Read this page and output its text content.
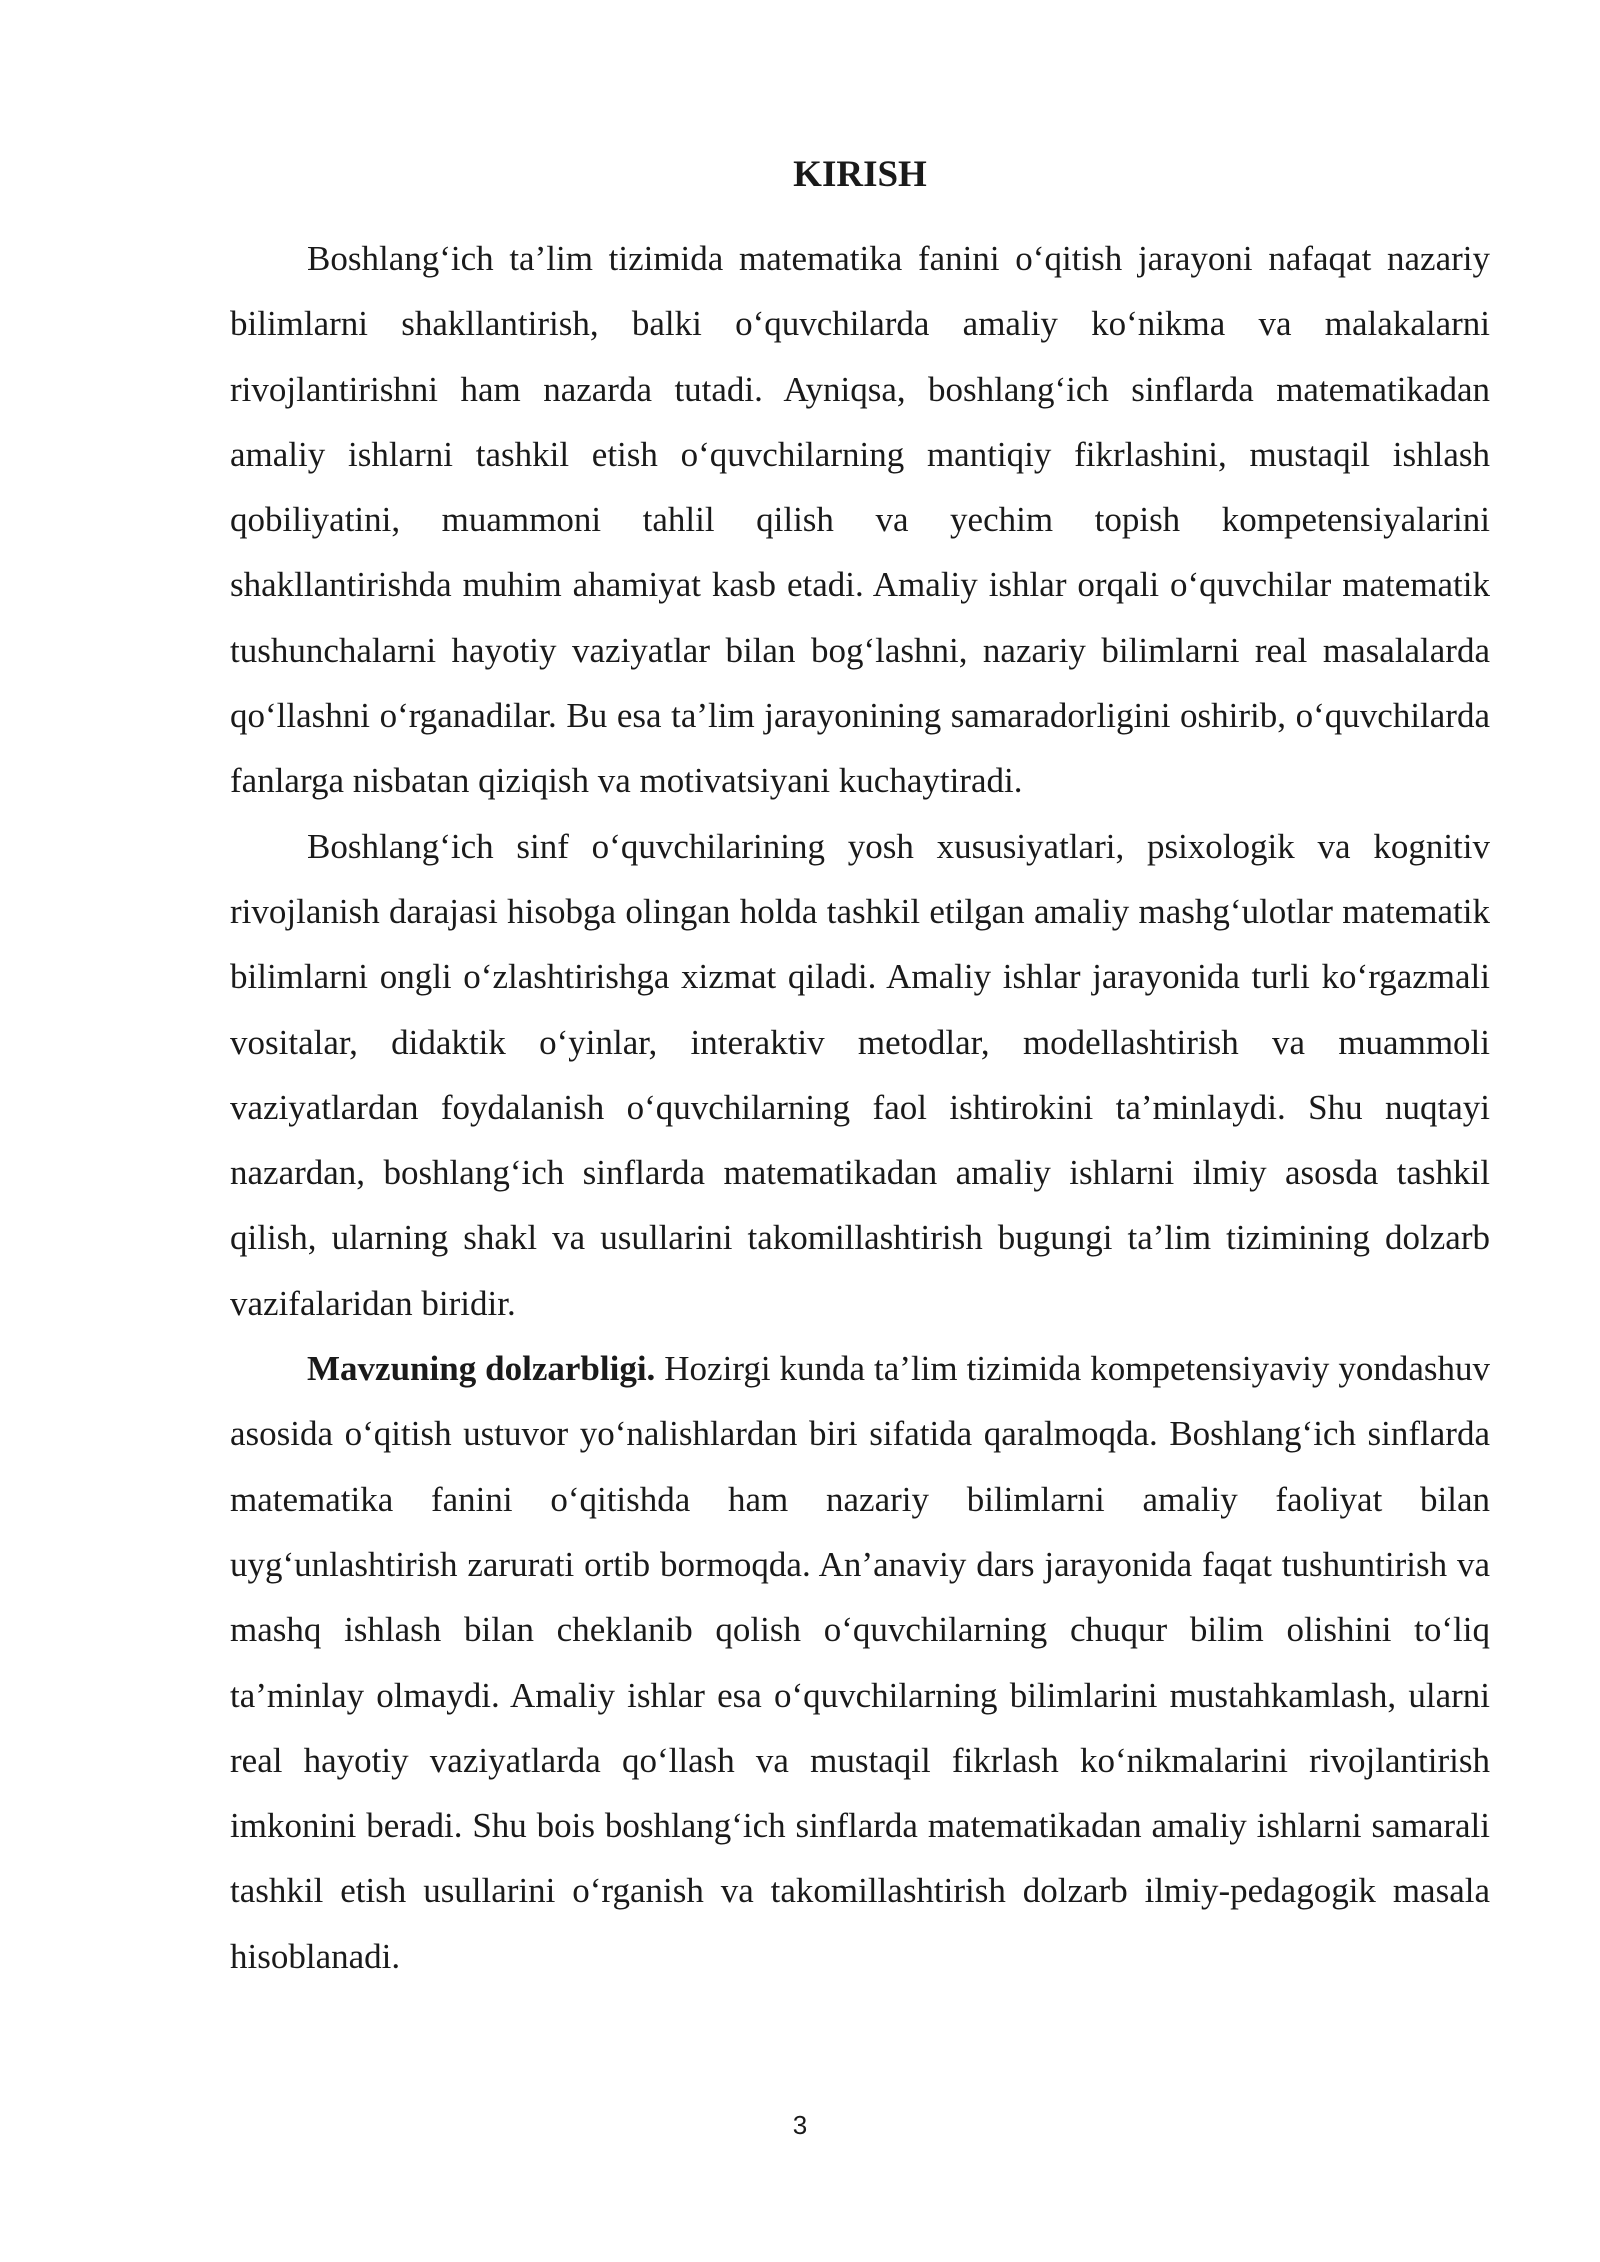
KIRISH

Boshlang‘ich ta’lim tizimida matematika fanini o‘qitish jarayoni nafaqat nazariy bilimlarni shakllantirish, balki o‘quvchilarda amaliy ko‘nikma va malakalarni rivojlantirishni ham nazarda tutadi. Ayniqsa, boshlang‘ich sinflarda matematikadan amaliy ishlarni tashkil etish o‘quvchilarning mantiqiy fikrlashini, mustaqil ishlash qobiliyatini, muammoni tahlil qilish va yechim topish kompetensiyalarini shakllantirishda muhim ahamiyat kasb etadi. Amaliy ishlar orqali o‘quvchilar matematik tushunchalarni hayotiy vaziyatlar bilan bog‘lashni, nazariy bilimlarni real masalalarda qo‘llashni o‘rganadilar. Bu esa ta’lim jarayonining samaradorligini oshirib, o‘quvchilarda fanlarga nisbatan qiziqish va motivatsiyani kuchaytiradi.

Boshlang‘ich sinf o‘quvchilarining yosh xususiyatlari, psixologik va kognitiv rivojlanish darajasi hisobga olingan holda tashkil etilgan amaliy mashg‘ulotlar matematik bilimlarni ongli o‘zlashtirishga xizmat qiladi. Amaliy ishlar jarayonida turli ko‘rgazmali vositalar, didaktik o‘yinlar, interaktiv metodlar, modellashtirish va muammoli vaziyatlardan foydalanish o‘quvchilarning faol ishtirokini ta’minlaydi. Shu nuqtayi nazardan, boshlang‘ich sinflarda matematikadan amaliy ishlarni ilmiy asosda tashkil qilish, ularning shakl va usullarini takomillashtirish bugungi ta’lim tizimining dolzarb vazifalaridan biridir.

Mavzuning dolzarbligi. Hozirgi kunda ta’lim tizimida kompetensiyaviy yondashuv asosida o‘qitish ustuvor yo‘nalishlardan biri sifatida qaralmoqda. Boshlang‘ich sinflarda matematika fanini o‘qitishda ham nazariy bilimlarni amaliy faoliyat bilan uyg‘unlashtirish zarurati ortib bormoqda. An’anaviy dars jarayonida faqat tushuntirish va mashq ishlash bilan cheklanib qolish o‘quvchilarning chuqur bilim olishini to‘liq ta’minlay olmaydi. Amaliy ishlar esa o‘quvchilarning bilimlarini mustahkamlash, ularni real hayotiy vaziyatlarda qo‘llash va mustaqil fikrlash ko‘nikmalarini rivojlantirish imkonini beradi. Shu bois boshlang‘ich sinflarda matematikadan amaliy ishlarni samarali tashkil etish usullarini o‘rganish va takomillashtirish dolzarb ilmiy-pedagogik masala hisoblanadi.

3
